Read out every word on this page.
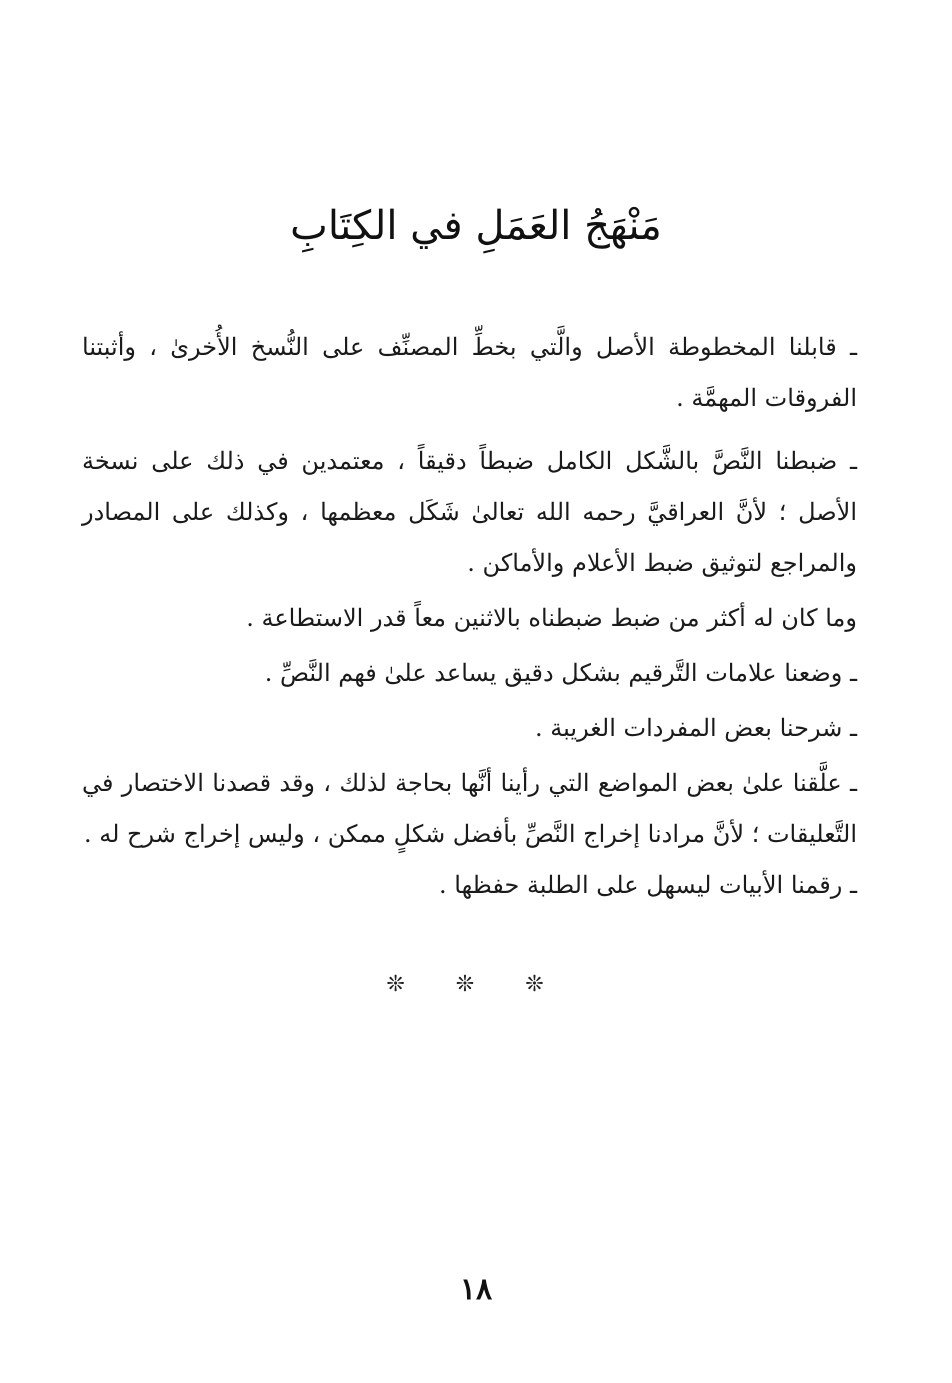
مَنْهَجُ العَمَلِ في الكِتَابِ

ـ قابلنا المخطوطة الأصل والَّتي بخطِّ المصنِّف على النُّسخ الأُخرىٰ ، وأثبتنا الفروقات المهمَّة .

ـ ضبطنا النَّصَّ بالشَّكل الكامل ضبطاً دقيقاً ، معتمدين في ذلك على نسخة الأصل ؛ لأنَّ العراقيَّ رحمه الله تعالىٰ شَكَل معظمها ، وكذلك على المصادر والمراجع لتوثيق ضبط الأعلام والأماكن .

وما كان له أكثر من ضبط ضبطناه بالاثنين معاً قدر الاستطاعة .

ـ وضعنا علامات التَّرقيم بشكل دقيق يساعد علىٰ فهم النَّصِّ .

ـ شرحنا بعض المفردات الغريبة .

ـ علَّقنا علىٰ بعض المواضع التي رأينا أنَّها بحاجة لذلك ، وقد قصدنا الاختصار في التَّعليقات ؛ لأنَّ مرادنا إخراج النَّصِّ بأفضل شكلٍ ممكن ، وليس إخراج شرح له .

ـ رقمنا الأبيات ليسهل على الطلبة حفظها .

❊ ❊ ❊
١٨
